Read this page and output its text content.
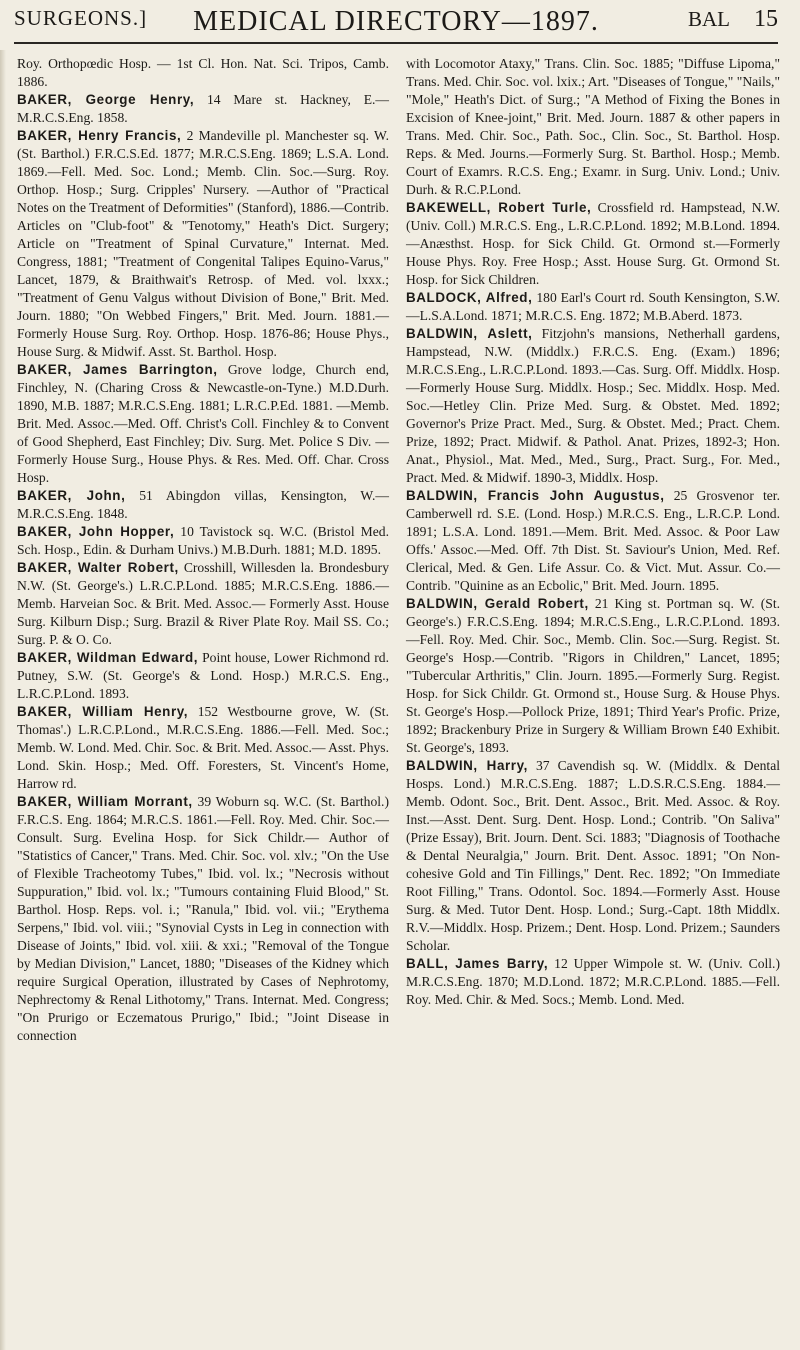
SURGEONS.]	MEDICAL DIRECTORY—1897.	BAL 15

Roy. Orthopœdic Hosp. — 1st Cl. Hon. Nat. Sci. Tripos, Camb. 1886.

BAKER, George Henry, 14 Mare st. Hackney, E.—M.R.C.S.Eng. 1858.

BAKER, Henry Francis, 2 Mandeville pl. Manchester sq. W. (St. Barthol.) F.R.C.S.Ed. 1877; M.R.C.S.Eng. 1869; L.S.A. Lond. 1869.—Fell. Med. Soc. Lond.; Memb. Clin. Soc.—Surg. Roy. Orthop. Hosp.; Surg. Cripples' Nursery. —Author of "Practical Notes on the Treatment of Deformities" (Stanford), 1886.—Contrib. Articles on "Club-foot" & "Tenotomy," Heath's Dict. Surgery; Article on "Treatment of Spinal Curvature," Internat. Med. Congress, 1881; "Treatment of Congenital Talipes Equino-Varus," Lancet, 1879, & Braithwait's Retrosp. of Med. vol. lxxx.; "Treatment of Genu Valgus without Division of Bone," Brit. Med. Journ. 1880; "On Webbed Fingers," Brit. Med. Journ. 1881.— Formerly House Surg. Roy. Orthop. Hosp. 1876-86; House Phys., House Surg. & Midwif. Asst. St. Barthol. Hosp.

BAKER, James Barrington, Grove lodge, Church end, Finchley, N. (Charing Cross & Newcastle-on-Tyne.) M.D.Durh. 1890, M.B. 1887; M.R.C.S.Eng. 1881; L.R.C.P.Ed. 1881. —Memb. Brit. Med. Assoc.—Med. Off. Christ's Coll. Finchley & to Convent of Good Shepherd, East Finchley; Div. Surg. Met. Police S Div. —Formerly House Surg., House Phys. & Res. Med. Off. Char. Cross Hosp.

BAKER, John, 51 Abingdon villas, Kensington, W.—M.R.C.S.Eng. 1848.

BAKER, John Hopper, 10 Tavistock sq. W.C. (Bristol Med. Sch. Hosp., Edin. & Durham Univs.) M.B.Durh. 1881; M.D. 1895.

BAKER, Walter Robert, Crosshill, Willesden la. Brondesbury N.W. (St. George's.) L.R.C.P.Lond. 1885; M.R.C.S.Eng. 1886.— Memb. Harveian Soc. & Brit. Med. Assoc.— Formerly Asst. House Surg. Kilburn Disp.; Surg. Brazil & River Plate Roy. Mail SS. Co.; Surg. P. & O. Co.

BAKER, Wildman Edward, Point house, Lower Richmond rd. Putney, S.W. (St. George's & Lond. Hosp.) M.R.C.S. Eng., L.R.C.P.Lond. 1893.

BAKER, William Henry, 152 Westbourne grove, W. (St. Thomas'.) L.R.C.P.Lond., M.R.C.S.Eng. 1886.—Fell. Med. Soc.; Memb. W. Lond. Med. Chir. Soc. & Brit. Med. Assoc.— Asst. Phys. Lond. Skin. Hosp.; Med. Off. Foresters, St. Vincent's Home, Harrow rd.

BAKER, William Morrant, 39 Woburn sq. W.C. (St. Barthol.) F.R.C.S. Eng. 1864; M.R.C.S. 1861.—Fell. Roy. Med. Chir. Soc.— Consult. Surg. Evelina Hosp. for Sick Childr.— Author of "Statistics of Cancer," Trans. Med. Chir. Soc. vol. xlv.; "On the Use of Flexible Tracheotomy Tubes," Ibid. vol. lx.; "Necrosis without Suppuration," Ibid. vol. lx.; "Tumours containing Fluid Blood," St. Barthol. Hosp. Reps. vol. i.; "Ranula," Ibid. vol. vii.; "Erythema Serpens," Ibid. vol. viii.; "Synovial Cysts in Leg in connection with Disease of Joints," Ibid. vol. xiii. & xxi.; "Removal of the Tongue by Median Division," Lancet, 1880; "Diseases of the Kidney which require Surgical Operation, illustrated by Cases of Nephrotomy, Nephrectomy & Renal Lithotomy," Trans. Internat. Med. Congress; "On Prurigo or Eczematous Prurigo," Ibid.; "Joint Disease in connection

with Locomotor Ataxy," Trans. Clin. Soc. 1885; "Diffuse Lipoma," Trans. Med. Chir. Soc. vol. lxix.; Art. "Diseases of Tongue," "Nails," "Mole," Heath's Dict. of Surg.; "A Method of Fixing the Bones in Excision of Knee-joint," Brit. Med. Journ. 1887 & other papers in Trans. Med. Chir. Soc., Path. Soc., Clin. Soc., St. Barthol. Hosp. Reps. & Med. Journs.—Formerly Surg. St. Barthol. Hosp.; Memb. Court of Examrs. R.C.S. Eng.; Examr. in Surg. Univ. Lond.; Univ. Durh. & R.C.P.Lond.

BAKEWELL, Robert Turle, Crossfield rd. Hampstead, N.W. (Univ. Coll.) M.R.C.S. Eng., L.R.C.P.Lond. 1892; M.B.Lond. 1894.—Anæsthst. Hosp. for Sick Child. Gt. Ormond st.—Formerly House Phys. Roy. Free Hosp.; Asst. House Surg. Gt. Ormond St. Hosp. for Sick Children.

BALDOCK, Alfred, 180 Earl's Court rd. South Kensington, S.W.—L.S.A.Lond. 1871; M.R.C.S. Eng. 1872; M.B.Aberd. 1873.

BALDWIN, Aslett, Fitzjohn's mansions, Netherhall gardens, Hampstead, N.W. (Middlx.) F.R.C.S. Eng. (Exam.) 1896; M.R.C.S.Eng., L.R.C.P.Lond. 1893.—Cas. Surg. Off. Middlx. Hosp.—Formerly House Surg. Middlx. Hosp.; Sec. Middlx. Hosp. Med. Soc.—Hetley Clin. Prize Med. Surg. & Obstet. Med. 1892; Governor's Prize Pract. Med., Surg. & Obstet. Med.; Pract. Chem. Prize, 1892; Pract. Midwif. & Pathol. Anat. Prizes, 1892-3; Hon. Anat., Physiol., Mat. Med., Med., Surg., Pract. Surg., For. Med., Pract. Med. & Midwif. 1890-3, Middlx. Hosp.

BALDWIN, Francis John Augustus, 25 Grosvenor ter. Camberwell rd. S.E. (Lond. Hosp.) M.R.C.S. Eng., L.R.C.P. Lond. 1891; L.S.A. Lond. 1891.—Mem. Brit. Med. Assoc. & Poor Law Offs.' Assoc.—Med. Off. 7th Dist. St. Saviour's Union, Med. Ref. Clerical, Med. & Gen. Life Assur. Co. & Vict. Mut. Assur. Co.—Contrib. "Quinine as an Ecbolic," Brit. Med. Journ. 1895.

BALDWIN, Gerald Robert, 21 King st. Portman sq. W. (St. George's.) F.R.C.S.Eng. 1894; M.R.C.S.Eng., L.R.C.P.Lond. 1893.—Fell. Roy. Med. Chir. Soc., Memb. Clin. Soc.—Surg. Regist. St. George's Hosp.—Contrib. "Rigors in Children," Lancet, 1895; "Tubercular Arthritis," Clin. Journ. 1895.—Formerly Surg. Regist. Hosp. for Sick Childr. Gt. Ormond st., House Surg. & House Phys. St. George's Hosp.—Pollock Prize, 1891; Third Year's Profic. Prize, 1892; Brackenbury Prize in Surgery & William Brown £40 Exhibit. St. George's, 1893.

BALDWIN, Harry, 37 Cavendish sq. W. (Middlx. & Dental Hosps. Lond.) M.R.C.S.Eng. 1887; L.D.S.R.C.S.Eng. 1884.—Memb. Odont. Soc., Brit. Dent. Assoc., Brit. Med. Assoc. & Roy. Inst.—Asst. Dent. Surg. Dent. Hosp. Lond.; Contrib. "On Saliva" (Prize Essay), Brit. Journ. Dent. Sci. 1883; "Diagnosis of Toothache & Dental Neuralgia," Journ. Brit. Dent. Assoc. 1891; "On Non-cohesive Gold and Tin Fillings," Dent. Rec. 1892; "On Immediate Root Filling," Trans. Odontol. Soc. 1894.—Formerly Asst. House Surg. & Med. Tutor Dent. Hosp. Lond.; Surg.-Capt. 18th Middlx. R.V.—Middlx. Hosp. Prizem.; Dent. Hosp. Lond. Prizem.; Saunders Scholar.

BALL, James Barry, 12 Upper Wimpole st. W. (Univ. Coll.) M.R.C.S.Eng. 1870; M.D.Lond. 1872; M.R.C.P.Lond. 1885.—Fell. Roy. Med. Chir. & Med. Socs.; Memb. Lond. Med.
